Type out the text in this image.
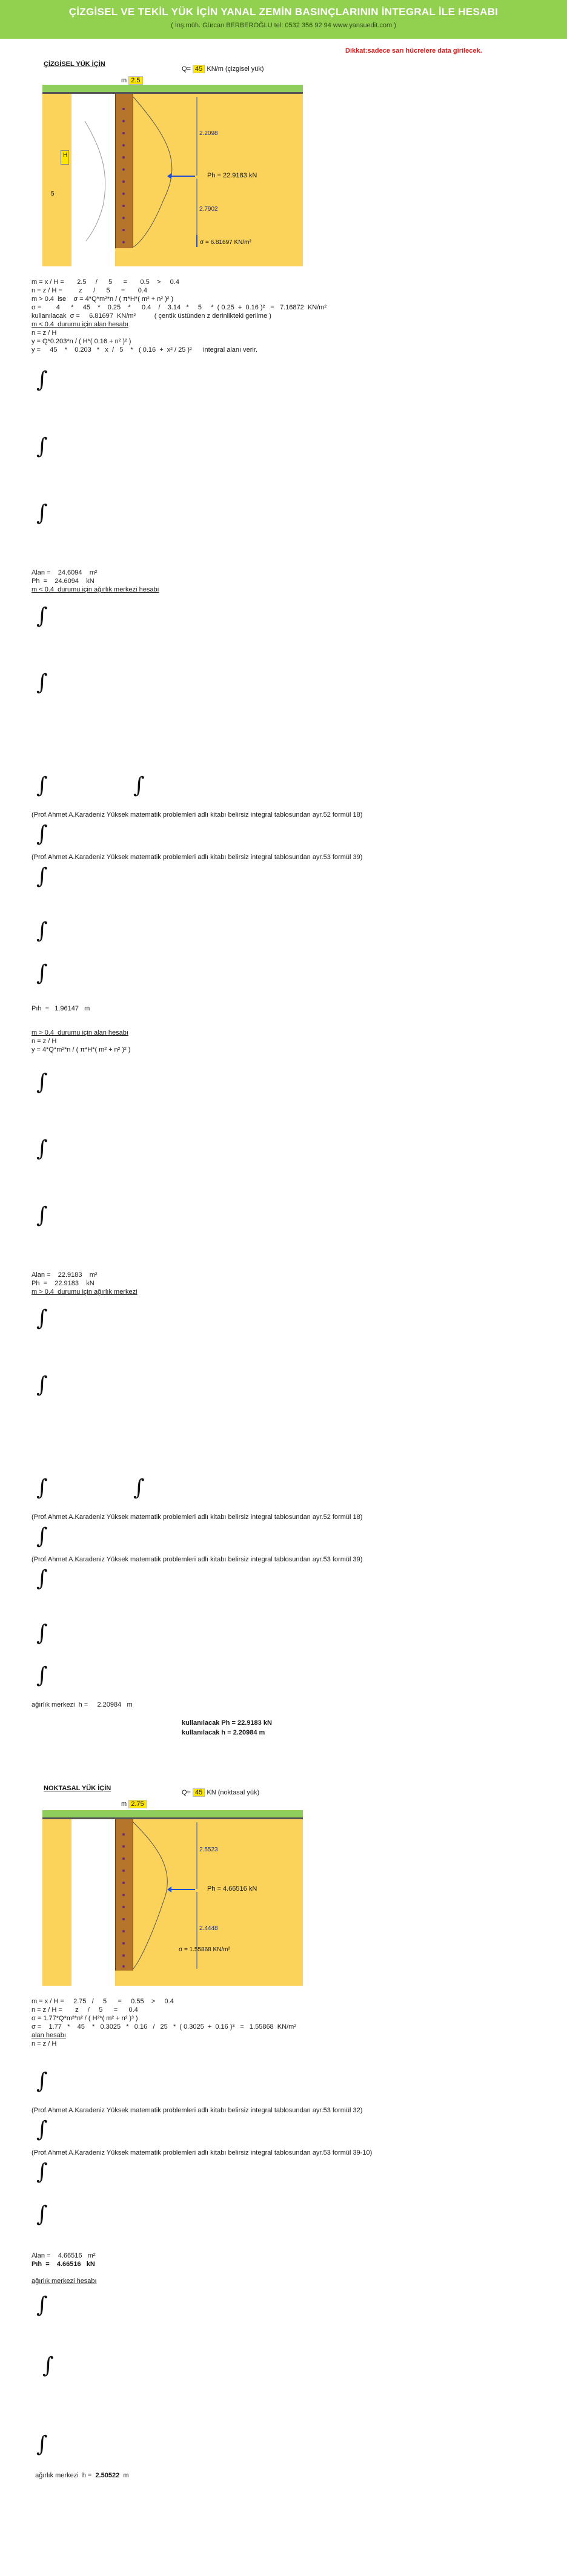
ÇİZGİSEL VE TEKİL YÜK İÇİN YANAL ZEMİN BASINÇLARININ İNTEGRAL İLE HESABI
( İnş.müh. Gürcan BERBEROĞLU tel: 0532 356 92 94 www.yansuedit.com )
Dikkat:sadece sarı hücrelere data girilecek.
ÇİZGİSEL YÜK İÇİN
Q= 45 KN/m (çizgisel yük)
m 2.5
H
5
2.2098
2.7902
Ph = 22.9183 kN
σ = 6.81697 KN/m²
m = x / H =       2.5     /      5      =       0.5    >     0.4
n = z / H =         z      /      5      =       0.4
m > 0.4  ise    σ = 4*Q*m²*n / ( π*H*( m² + n² )² )
σ =        4      *     45    *    0.25    *      0.4    /    3.14   *     5     *  ( 0.25  +  0.16 )²   =   7.16872  KN/m²
kullanılacak  σ =     6.81697  KN/m²          ( çentik üstünden z derinlikteki gerilme )
m < 0.4  durumu için alan hesabı
n = z / H
y = Q*0.203*n / ( H*( 0.16 + n² )² )
y =     45    *    0.203   *   x  /   5    *   ( 0.16  +  x² / 25 )²      integral alanı verir.
∫
∫
∫
Alan =    24.6094    m²
Ph  =    24.6094    kN
m < 0.4  durumu için ağırlık merkezi hesabı
∫
∫
∫	∫
(Prof.Ahmet A.Karadeniz Yüksek matematik problemleri adlı kitabı belirsiz integral tablosundan ayr.52 formül 18)
∫
(Prof.Ahmet A.Karadeniz Yüksek matematik problemleri adlı kitabı belirsiz integral tablosundan ayr.53 formül 39)
∫
∫
∫
Pıh  =   1.96147   m
m > 0.4  durumu için alan hesabı
n = z / H
y = 4*Q*m²*n / ( π*H*( m² + n² )² )
∫
∫
∫
Alan =    22.9183    m²
Ph  =    22.9183    kN
m > 0.4  durumu için ağırlık merkezi
∫
∫
∫	∫
(Prof.Ahmet A.Karadeniz Yüksek matematik problemleri adlı kitabı belirsiz integral tablosundan ayr.52 formül 18)
∫
(Prof.Ahmet A.Karadeniz Yüksek matematik problemleri adlı kitabı belirsiz integral tablosundan ayr.53 formül 39)
∫
∫
∫
ağırlık merkezi  h =     2.20984   m
kullanılacak Ph = 22.9183 kN
kullanılacak h = 2.20984 m
NOKTASAL YÜK İÇİN
Q= 45 KN (noktasal yük)
m 2.75
2.5523
2.4448
Ph = 4.66516 kN
σ = 1.55868 KN/m²
m = x / H =     2.75   /     5      =     0.55    >     0.4
n = z / H =       z     /     5      =      0.4
σ = 1.77*Q*m²*n² / ( H²*( m² + n² )³ )
σ =    1.77   *    45    *   0.3025   *   0.16   /   25   *  ( 0.3025  +  0.16 )³   =   1.55868  KN/m²
alan hesabı
n = z / H
∫
(Prof.Ahmet A.Karadeniz Yüksek matematik problemleri adlı kitabı belirsiz integral tablosundan ayr.53 formül 32)
∫
(Prof.Ahmet A.Karadeniz Yüksek matematik problemleri adlı kitabı belirsiz integral tablosundan ayr.53 formül 39-10)
∫
∫
Alan =    4.66516   m²
Pıh  =    4.66516   kN
ağırlık merkezi hesabı
∫
∫
∫

ağırlık merkezi  h = 2.50522 m
